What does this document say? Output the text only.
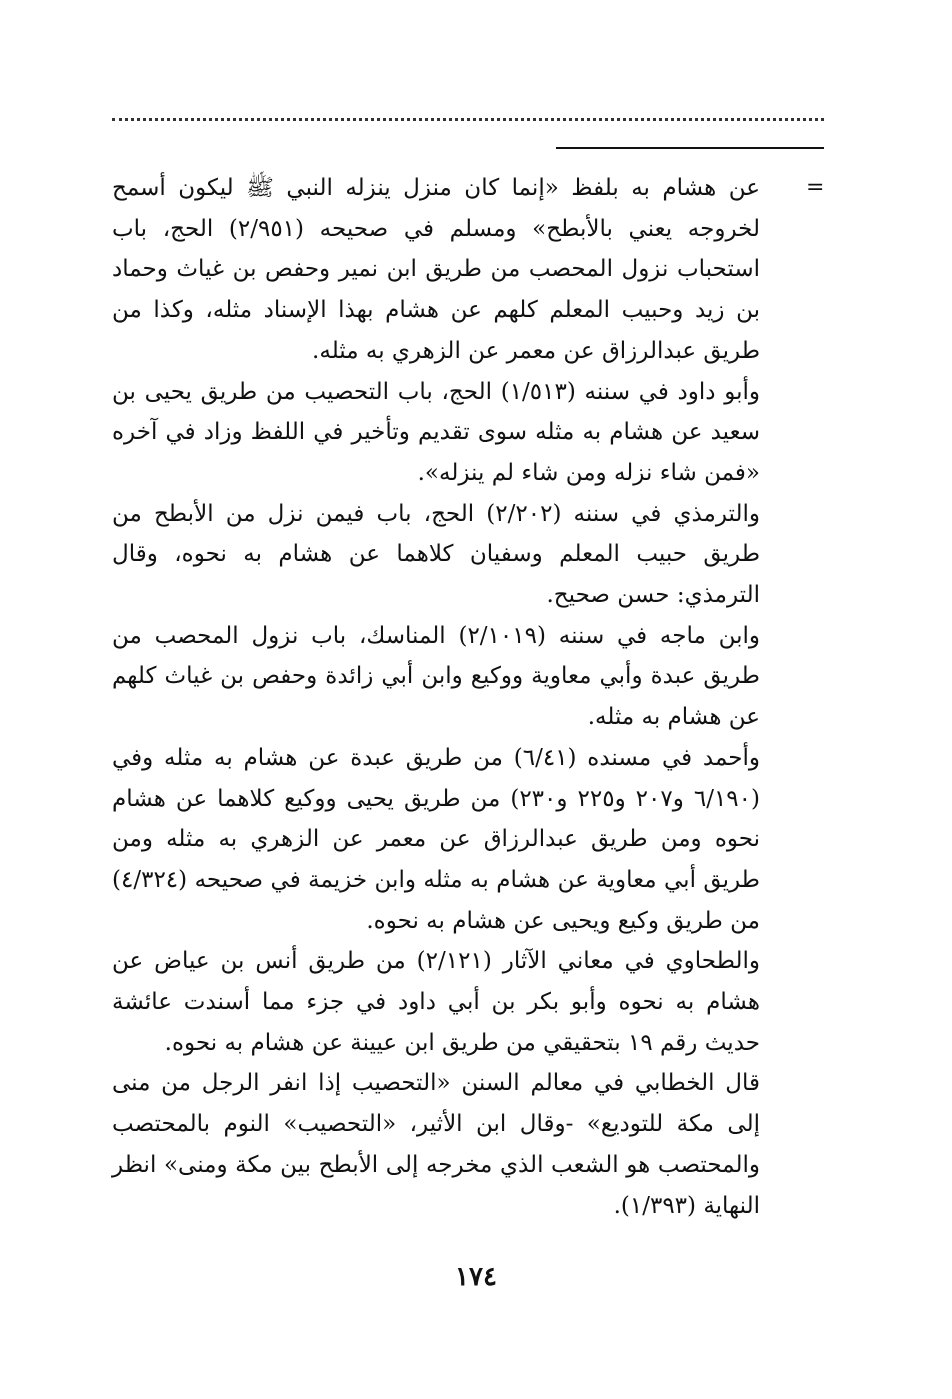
=

عن هشام به بلفظ «إنما كان منزل ينزله النبي ﷺ ليكون أسمح لخروجه يعني بالأبطح» ومسلم في صحيحه (٢/٩٥١) الحج، باب استحباب نزول المحصب من طريق ابن نمير وحفص بن غياث وحماد بن زيد وحبيب المعلم كلهم عن هشام بهذا الإسناد مثله، وكذا من طريق عبدالرزاق عن معمر عن الزهري به مثله.

وأبو داود في سننه (١/٥١٣) الحج، باب التحصيب من طريق يحيى بن سعيد عن هشام به مثله سوى تقديم وتأخير في اللفظ وزاد في آخره «فمن شاء نزله ومن شاء لم ينزله».

والترمذي في سننه (٢/٢٠٢) الحج، باب فيمن نزل من الأبطح من طريق حبيب المعلم وسفيان كلاهما عن هشام به نحوه، وقال الترمذي: حسن صحيح.

وابن ماجه في سننه (٢/١٠١٩) المناسك، باب نزول المحصب من طريق عبدة وأبي معاوية ووكيع وابن أبي زائدة وحفص بن غياث كلهم عن هشام به مثله.

وأحمد في مسنده (٦/٤١) من طريق عبدة عن هشام به مثله وفي (٦/١٩٠ و٢٠٧ و٢٢٥ و٢٣٠) من طريق يحيى ووكيع كلاهما عن هشام نحوه ومن طريق عبدالرزاق عن معمر عن الزهري به مثله ومن طريق أبي معاوية عن هشام به مثله وابن خزيمة في صحيحه (٤/٣٢٤) من طريق وكيع ويحيى عن هشام به نحوه.

والطحاوي في معاني الآثار (٢/١٢١) من طريق أنس بن عياض عن هشام به نحوه وأبو بكر بن أبي داود في جزء مما أسندت عائشة حديث رقم ١٩ بتحقيقي من طريق ابن عيينة عن هشام به نحوه.

قال الخطابي في معالم السنن «التحصيب إذا انفر الرجل من منى إلى مكة للتوديع» -وقال ابن الأثير، «التحصيب» النوم بالمحتصب والمحتصب هو الشعب الذي مخرجه إلى الأبطح بين مكة ومنى» انظر النهاية (١/٣٩٣).

١٧٤
